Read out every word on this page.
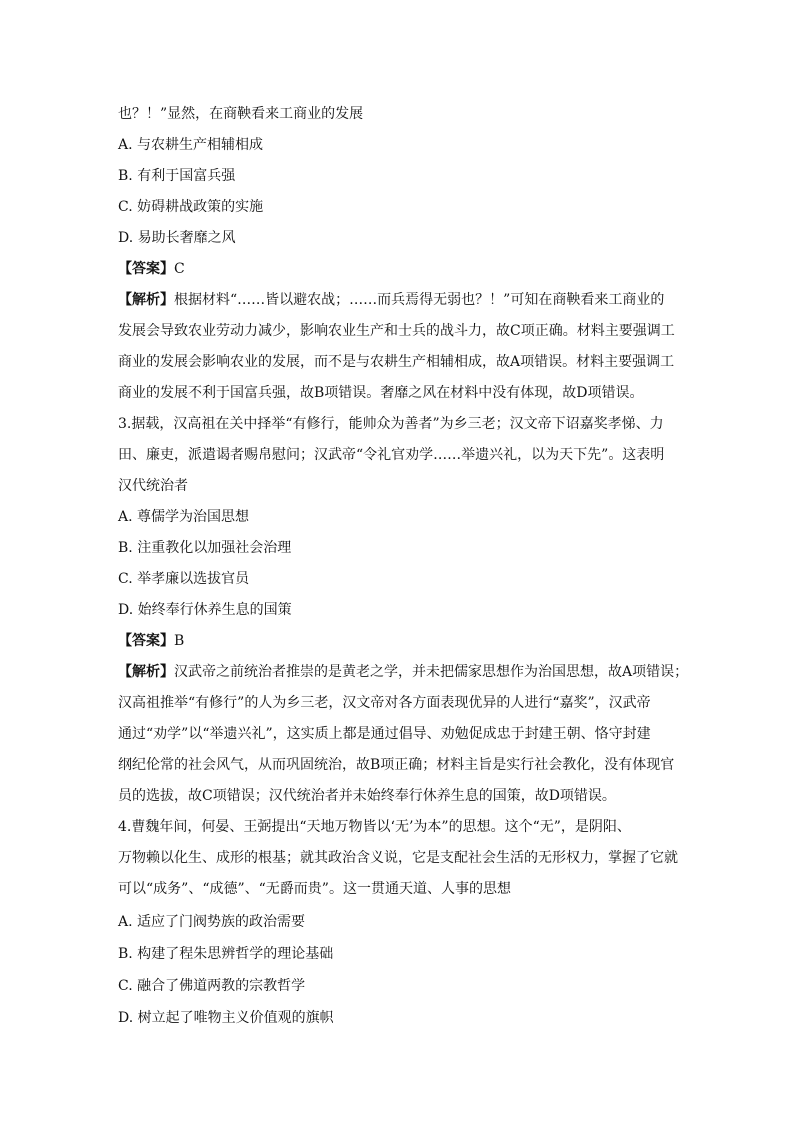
也？！”显然，在商鞅看来工商业的发展
A. 与农耕生产相辅相成
B. 有利于国富兵强
C. 妨碍耕战政策的实施
D. 易助长奢靡之风
【答案】C
【解析】根据材料“……皆以避农战；……而兵焉得无弱也？！”可知在商鞅看来工商业的
发展会导致农业劳动力减少，影响农业生产和士兵的战斗力，故C项正确。材料主要强调工
商业的发展会影响农业的发展，而不是与农耕生产相辅相成，故A项错误。材料主要强调工
商业的发展不利于国富兵强，故B项错误。奢靡之风在材料中没有体现，故D项错误。
3.据载，汉高祖在关中择举“有修行，能帅众为善者”为乡三老；汉文帝下诏嘉奖孝悌、力
田、廉吏，派遣谒者赐帛慰问；汉武帝“令礼官劝学……举遗兴礼，以为天下先”。这表明
汉代统治者
A. 尊儒学为治国思想
B. 注重教化以加强社会治理
C. 举孝廉以选拔官员
D. 始终奉行休养生息的国策
【答案】B
【解析】汉武帝之前统治者推崇的是黄老之学，并未把儒家思想作为治国思想，故A项错误；
汉高祖推举“有修行”的人为乡三老，汉文帝对各方面表现优异的人进行“嘉奖”，汉武帝
通过“劝学”以“举遗兴礼”，这实质上都是通过倡导、劝勉促成忠于封建王朝、恪守封建
纲纪伦常的社会风气，从而巩固统治，故B项正确；材料主旨是实行社会教化，没有体现官
员的选拔，故C项错误；汉代统治者并未始终奉行休养生息的国策，故D项错误。
4.曹魏年间，何晏、王弼提出“天地万物皆以‘无’为本”的思想。这个“无”，是阴阳、
万物赖以化生、成形的根基；就其政治含义说，它是支配社会生活的无形权力，掌握了它就
可以“成务”、“成德”、“无爵而贵”。这一贯通天道、人事的思想
A. 适应了门阀势族的政治需要
B. 构建了程朱思辨哲学的理论基础
C. 融合了佛道两教的宗教哲学
D. 树立起了唯物主义价值观的旗帜
